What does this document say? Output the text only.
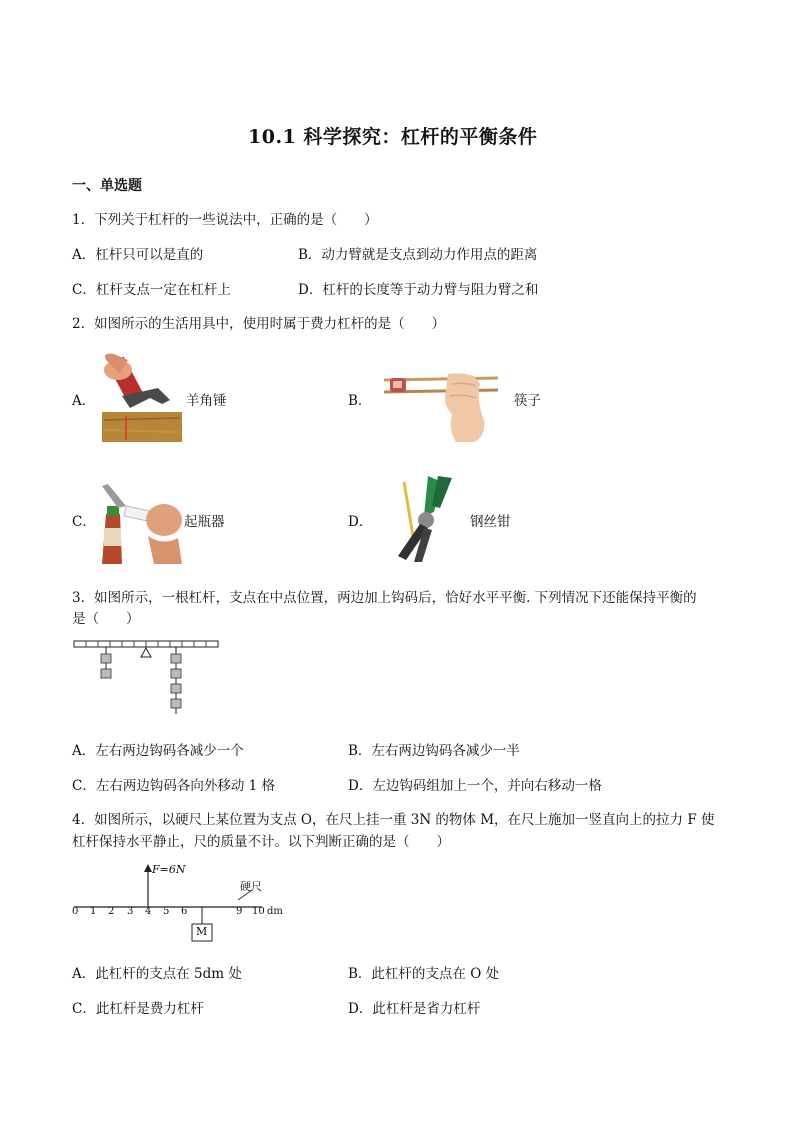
10.1 科学探究：杠杆的平衡条件
一、单选题
1．下列关于杠杆的一些说法中，正确的是（　　）
A．杠杆只可以是直的	B．动力臂就是支点到动力作用点的距离
C．杠杆支点一定在杠杆上	D．杠杆的长度等于动力臂与阻力臂之和
2．如图所示的生活用具中，使用时属于费力杠杆的是（　　）
A．	羊角锤	B．	筷子
C．	起瓶器	D．	钢丝钳
3．如图所示，一根杠杆，支点在中点位置，两边加上钩码后，恰好水平平衡. 下列情况下还能保持平衡的
是（　　）
A．左右两边钩码各减少一个	B．左右两边钩码各减少一半
C．左右两边钩码各向外移动 1 格	D．左边钩码组加上一个，并向右移动一格
4．如图所示，以硬尺上某位置为支点 O，在尺上挂一重 3N 的物体 M，在尺上施加一竖直向上的拉力 F 使
杠杆保持水平静止，尺的质量不计。以下判断正确的是（　　）
F=6N
硬尺
0 1 2 3 4 5 6	9 10 dm
M
A．此杠杆的支点在 5dm 处	B．此杠杆的支点在 O 处
C．此杠杆是费力杠杆	D．此杠杆是省力杠杆
